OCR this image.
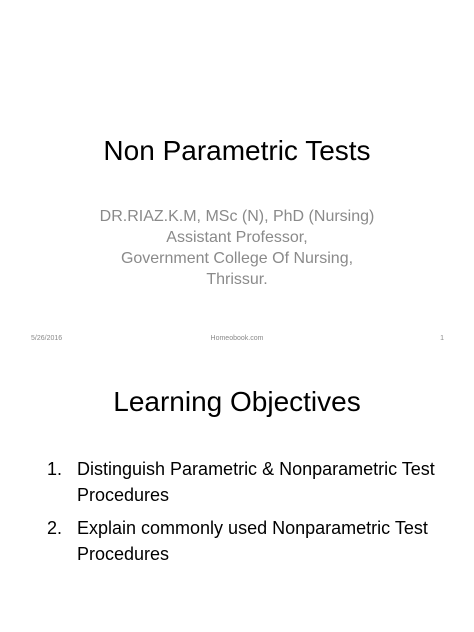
Non Parametric Tests
DR.RIAZ.K.M, MSc (N), PhD (Nursing)
Assistant Professor,
Government College Of Nursing,
Thrissur.
5/26/2016	Homeobook.com	1
Learning Objectives
1. Distinguish Parametric & Nonparametric Test Procedures
2. Explain commonly used Nonparametric Test Procedures
